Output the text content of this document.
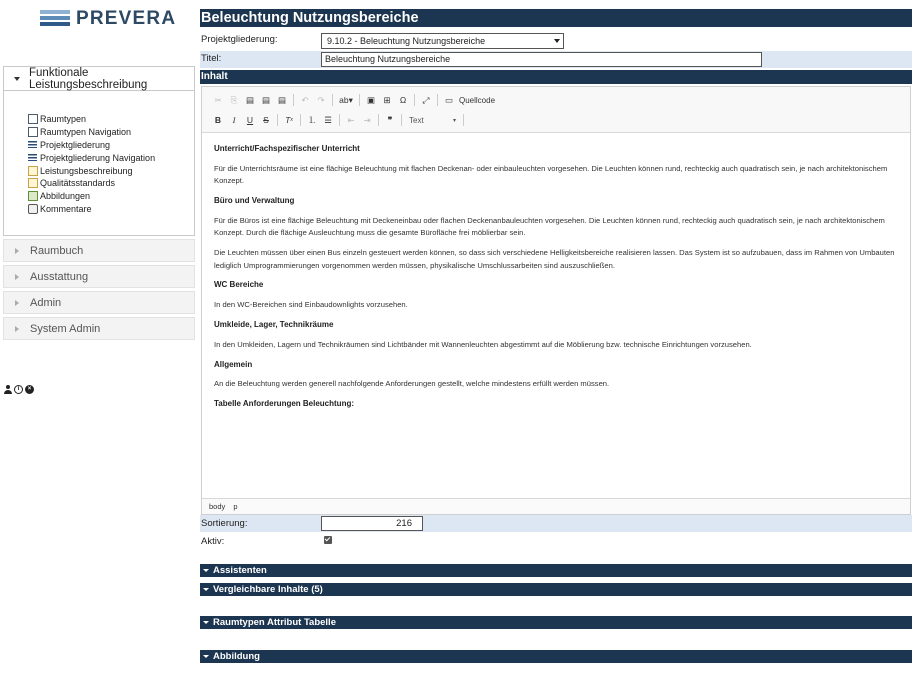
PREVERA
Funktionale Leistungsbeschreibung
Raumtypen
Raumtypen Navigation
Projektgliederung
Projektgliederung Navigation
Leistungsbeschreibung
Qualitätsstandards
Abbildungen
Kommentare
Raumbuch
Ausstattung
Admin
System Admin
i	×
Beleuchtung Nutzungsbereiche
Projektgliederung:	9.10.2 - Beleuchtung Nutzungsbereiche
Titel:	Beleuchtung Nutzungsbereiche
Inhalt
✂	⎘	▤ ▤ ▤	↶	↷	ab▾	▣ ⊞	Ω	⤢	▭ Quellcode
B	I	U	S	T x	⒈ ☰	⇤	⇥	❞	Text	▾
Unterricht/Fachspezifischer Unterricht

Für die Unterrichtsräume ist eine flächige Beleuchtung mit flachen Deckenan- oder einbauleuchten vorgesehen. Die Leuchten können rund, rechteckig auch quadratisch sein, je nach architektonischem Konzept.

Büro und Verwaltung

Für die Büros ist eine flächige Beleuchtung mit Deckeneinbau oder flachen Deckenanbauleuchten vorgesehen. Die Leuchten können rund, rechteckig auch quadratisch sein, je nach architektonischem Konzept. Durch die flächige Ausleuchtung muss die gesamte Bürofläche frei möblierbar sein.

Die Leuchten müssen über einen Bus einzeln gesteuert werden können, so dass sich verschiedene Helligkeitsbereiche realisieren lassen. Das System ist so aufzubauen, dass im Rahmen von Umbauten lediglich Umprogrammierungen vorgenommen werden müssen, physikalische Umschlussarbeiten sind auszuschließen.

WC Bereiche

In den WC-Bereichen sind Einbaudownlights vorzusehen.

Umkleide, Lager, Technikräume

In den Umkleiden, Lagern und Technikräumen sind Lichtbänder mit Wannenleuchten abgestimmt auf die Möblierung bzw. technische Einrichtungen vorzusehen.

Allgemein

An die Beleuchtung werden generell nachfolgende Anforderungen gestellt, welche mindestens erfüllt werden müssen.

Tabelle Anforderungen Beleuchtung:
body p
Sortierung:	216
Aktiv:
Assistenten
Vergleichbare Inhalte (5)
Raumtypen Attribut Tabelle
Abbildung
